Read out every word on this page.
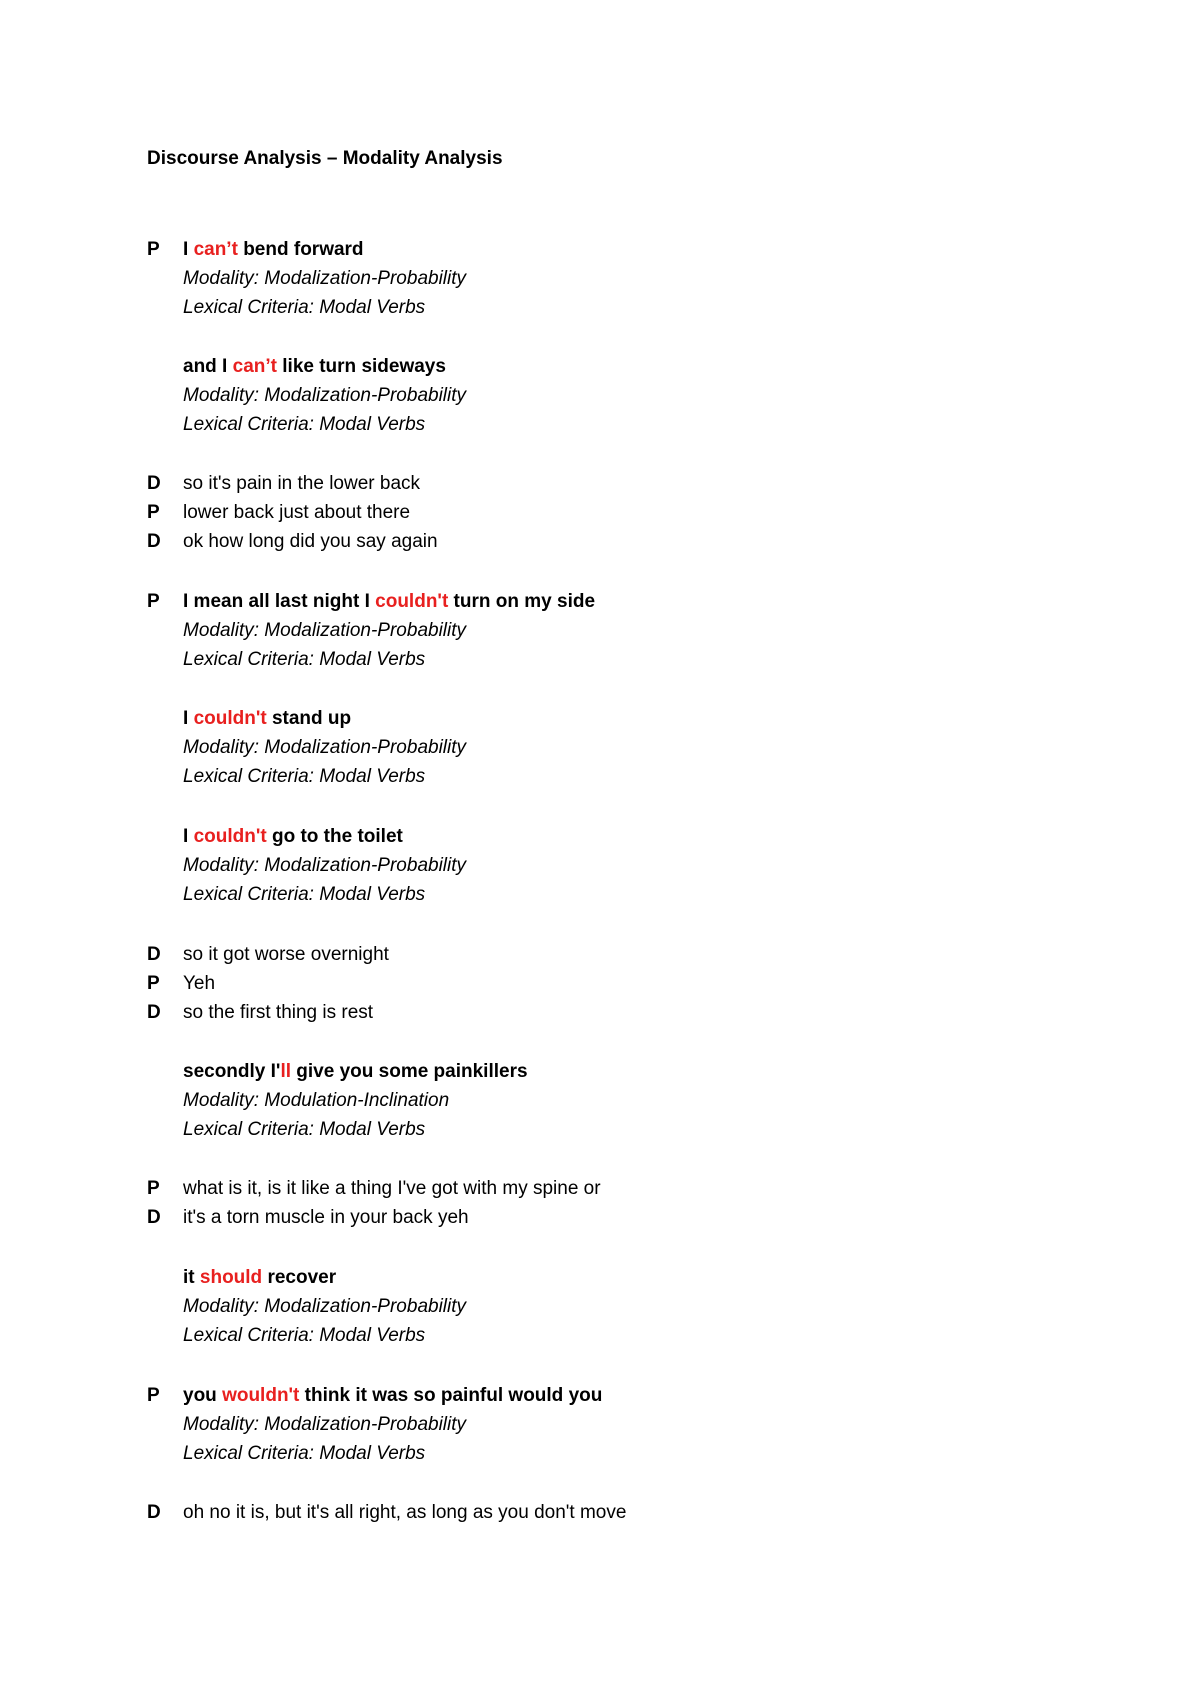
Discourse Analysis – Modality Analysis
P I can’t bend forward
Modality: Modalization-Probability
Lexical Criteria: Modal Verbs
and I can’t like turn sideways
Modality: Modalization-Probability
Lexical Criteria: Modal Verbs
D so it's pain in the lower back
P lower back just about there
D ok how long did you say again
P I mean all last night I couldn't turn on my side
Modality: Modalization-Probability
Lexical Criteria: Modal Verbs
I couldn't stand up
Modality: Modalization-Probability
Lexical Criteria: Modal Verbs
I couldn't go to the toilet
Modality: Modalization-Probability
Lexical Criteria: Modal Verbs
D so it got worse overnight
P Yeh
D so the first thing is rest
secondly I'll give you some painkillers
Modality: Modulation-Inclination
Lexical Criteria: Modal Verbs
P what is it, is it like a thing I've got with my spine or
D it's a torn muscle in your back yeh
it should recover
Modality: Modalization-Probability
Lexical Criteria: Modal Verbs
P you wouldn't think it was so painful would you
Modality: Modalization-Probability
Lexical Criteria: Modal Verbs
D oh no it is, but it's all right, as long as you don't move
